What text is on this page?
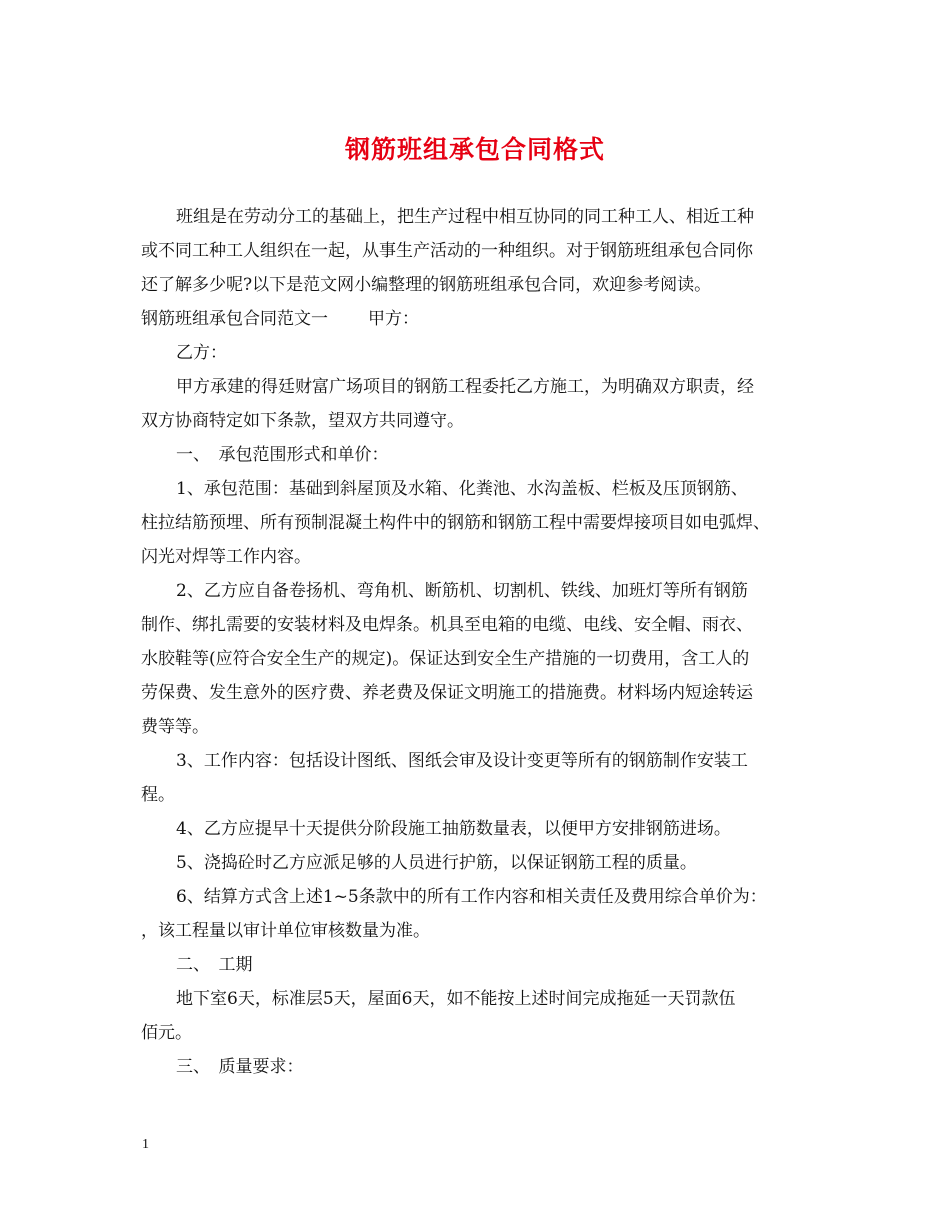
钢筋班组承包合同格式
班组是在劳动分工的基础上，把生产过程中相互协同的同工种工人、相近工种
或不同工种工人组织在一起，从事生产活动的一种组织。对于钢筋班组承包合同你
还了解多少呢?以下是范文网小编整理的钢筋班组承包合同，欢迎参考阅读。
钢筋班组承包合同范文一 甲方：
乙方：
甲方承建的得廷财富广场项目的钢筋工程委托乙方施工，为明确双方职责，经
双方协商特定如下条款，望双方共同遵守。
一、　承包范围形式和单价：
1、承包范围：基础到斜屋顶及水箱、化粪池、水沟盖板、栏板及压顶钢筋、
柱拉结筋预埋、所有预制混凝土构件中的钢筋和钢筋工程中需要焊接项目如电弧焊、
闪光对焊等工作内容。
2、乙方应自备卷扬机、弯角机、断筋机、切割机、铁线、加班灯等所有钢筋
制作、绑扎需要的安装材料及电焊条。机具至电箱的电缆、电线、安全帽、雨衣、
水胶鞋等(应符合安全生产的规定)。保证达到安全生产措施的一切费用，含工人的
劳保费、发生意外的医疗费、养老费及保证文明施工的措施费。材料场内短途转运
费等等。
3、工作内容：包括设计图纸、图纸会审及设计变更等所有的钢筋制作安装工
程。
4、乙方应提早十天提供分阶段施工抽筋数量表，以便甲方安排钢筋进场。
5、浇捣砼时乙方应派足够的人员进行护筋，以保证钢筋工程的质量。
6、结算方式含上述1~5条款中的所有工作内容和相关责任及费用综合单价为：
，该工程量以审计单位审核数量为准。
二、　工期
地下室6天，标准层5天，屋面6天，如不能按上述时间完成拖延一天罚款伍
佰元。
三、　质量要求：
1
